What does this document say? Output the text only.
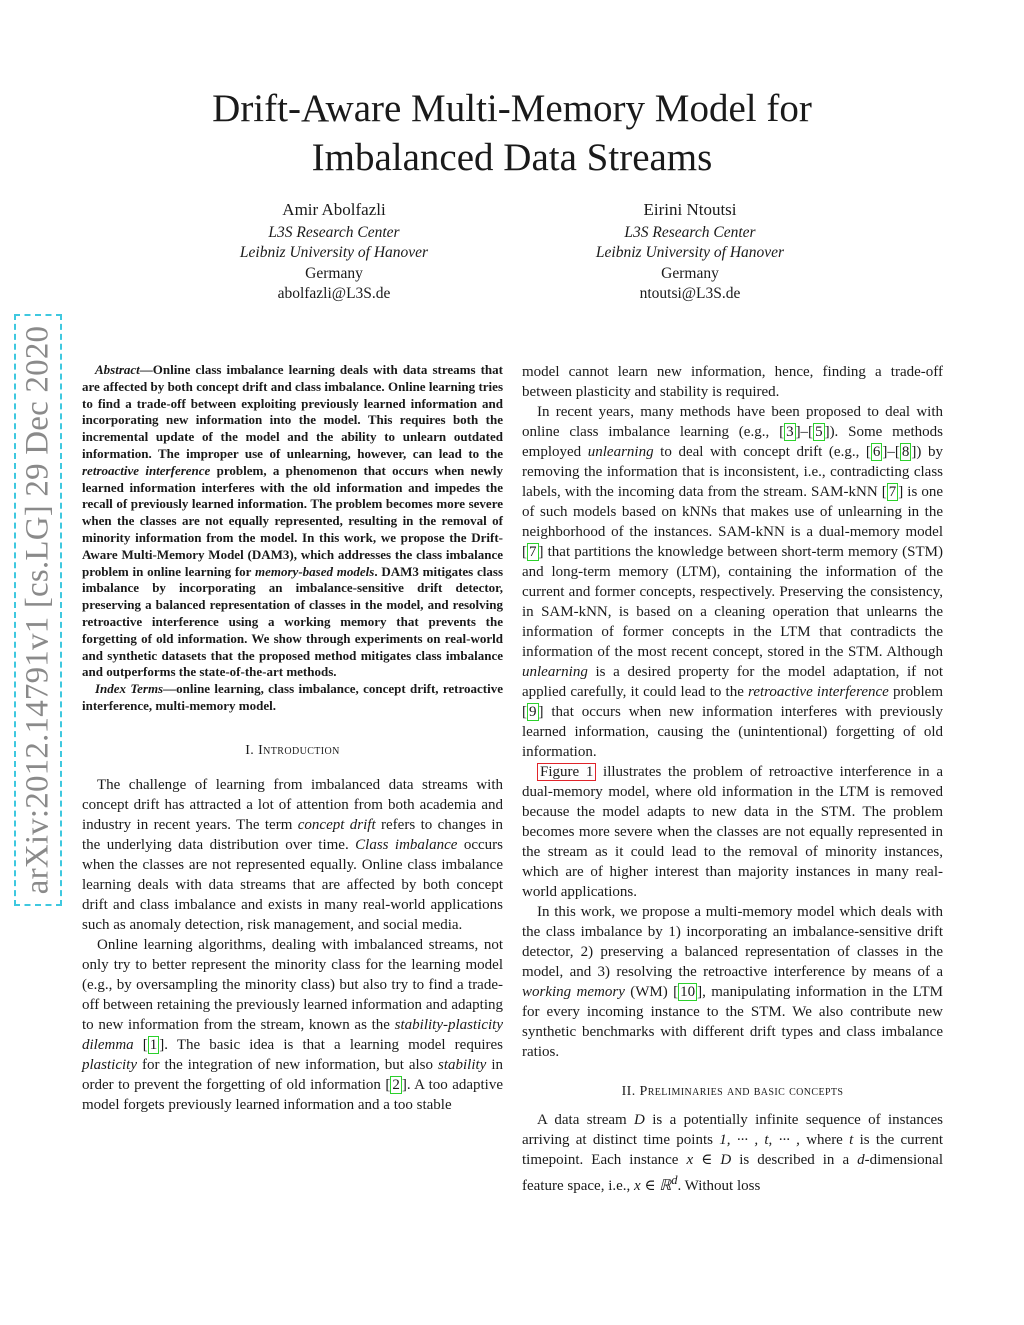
arXiv:2012.14791v1 [cs.LG] 29 Dec 2020
Drift-Aware Multi-Memory Model for
Imbalanced Data Streams
Amir Abolfazli
L3S Research Center
Leibniz University of Hanover
Germany
abolfazli@L3S.de
Eirini Ntoutsi
L3S Research Center
Leibniz University of Hanover
Germany
ntoutsi@L3S.de

Abstract—Online class imbalance learning deals with data streams that are affected by both concept drift and class imbalance. Online learning tries to find a trade-off between exploiting previously learned information and incorporating new information into the model. This requires both the incremental update of the model and the ability to unlearn outdated information. The improper use of unlearning, however, can lead to the retroactive interference problem, a phenomenon that occurs when newly learned information interferes with the old information and impedes the recall of previously learned information. The problem becomes more severe when the classes are not equally represented, resulting in the removal of minority information from the model. In this work, we propose the Drift-Aware Multi-Memory Model (DAM3), which addresses the class imbalance problem in online learning for memory-based models. DAM3 mitigates class imbalance by incorporating an imbalance-sensitive drift detector, preserving a balanced representation of classes in the model, and resolving retroactive interference using a working memory that prevents the forgetting of old information. We show through experiments on real-world and synthetic datasets that the proposed method mitigates class imbalance and outperforms the state-of-the-art methods.

Index Terms—online learning, class imbalance, concept drift, retroactive interference, multi-memory model.

I. Introduction

The challenge of learning from imbalanced data streams with concept drift has attracted a lot of attention from both academia and industry in recent years. The term concept drift refers to changes in the underlying data distribution over time. Class imbalance occurs when the classes are not represented equally. Online class imbalance learning deals with data streams that are affected by both concept drift and class imbalance and exists in many real-world applications such as anomaly detection, risk management, and social media.

Online learning algorithms, dealing with imbalanced streams, not only try to better represent the minority class for the learning model (e.g., by oversampling the minority class) but also try to find a trade-off between retaining the previously learned information and adapting to new information from the stream, known as the stability-plasticity dilemma [ 1 ]. The basic idea is that a learning model requires plasticity for the integration of new information, but also stability in order to prevent the forgetting of old information [ 2 ]. A too adaptive model forgets previously learned information and a too stable

model cannot learn new information, hence, finding a trade-off between plasticity and stability is required.

In recent years, many methods have been proposed to deal with online class imbalance learning (e.g., [ 3 ]–[ 5 ]). Some methods employed unlearning to deal with concept drift (e.g., [ 6 ]–[ 8 ]) by removing the information that is inconsistent, i.e., contradicting class labels, with the incoming data from the stream. SAM-kNN [ 7 ] is one of such models based on kNNs that makes use of unlearning in the neighborhood of the instances. SAM-kNN is a dual-memory model [ 7 ] that partitions the knowledge between short-term memory (STM) and long-term memory (LTM), containing the information of the current and former concepts, respectively. Preserving the consistency, in SAM-kNN, is based on a cleaning operation that unlearns the information of former concepts in the LTM that contradicts the information of the most recent concept, stored in the STM. Although unlearning is a desired property for the model adaptation, if not applied carefully, it could lead to the retroactive interference problem [ 9 ] that occurs when new information interferes with previously learned information, causing the (unintentional) forgetting of old information.

Figure 1 illustrates the problem of retroactive interference in a dual-memory model, where old information in the LTM is removed because the model adapts to new data in the STM. The problem becomes more severe when the classes are not equally represented in the stream as it could lead to the removal of minority instances, which are of higher interest than majority instances in many real-world applications.

In this work, we propose a multi-memory model which deals with the class imbalance by 1) incorporating an imbalance-sensitive drift detector, 2) preserving a balanced representation of classes in the model, and 3) resolving the retroactive interference by means of a working memory (WM) [ 10 ], manipulating information in the LTM for every incoming instance to the STM. We also contribute new synthetic benchmarks with different drift types and class imbalance ratios.

II. Preliminaries and basic concepts

A data stream D is a potentially infinite sequence of instances arriving at distinct time points 1, ··· , t, ··· , where t is the current timepoint. Each instance x ∈ D is described in a d-dimensional feature space, i.e., x ∈ ℝ$^d$. Without loss
